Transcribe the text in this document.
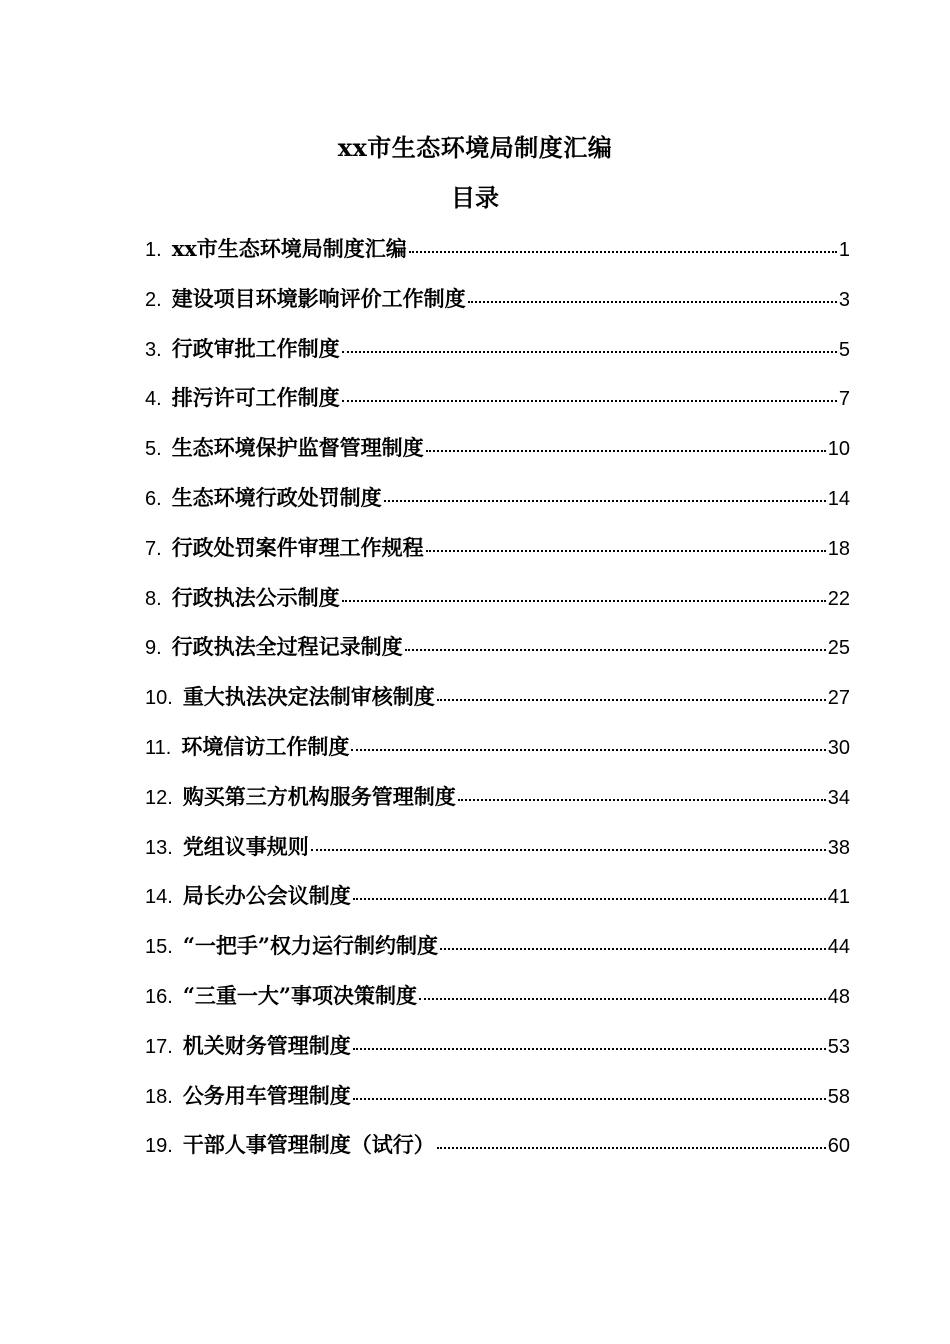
xx市生态环境局制度汇编
目录
1. xx市生态环境局制度汇编	1
2. 建设项目环境影响评价工作制度	3
3. 行政审批工作制度	5
4. 排污许可工作制度	7
5. 生态环境保护监督管理制度	10
6. 生态环境行政处罚制度	14
7. 行政处罚案件审理工作规程	18
8. 行政执法公示制度	22
9. 行政执法全过程记录制度	25
10. 重大执法决定法制审核制度	27
11. 环境信访工作制度	30
12. 购买第三方机构服务管理制度	34
13. 党组议事规则	38
14. 局长办公会议制度	41
15. “一把手”权力运行制约制度	44
16. “三重一大”事项决策制度	48
17. 机关财务管理制度	53
18. 公务用车管理制度	58
19. 干部人事管理制度（试行）	60
